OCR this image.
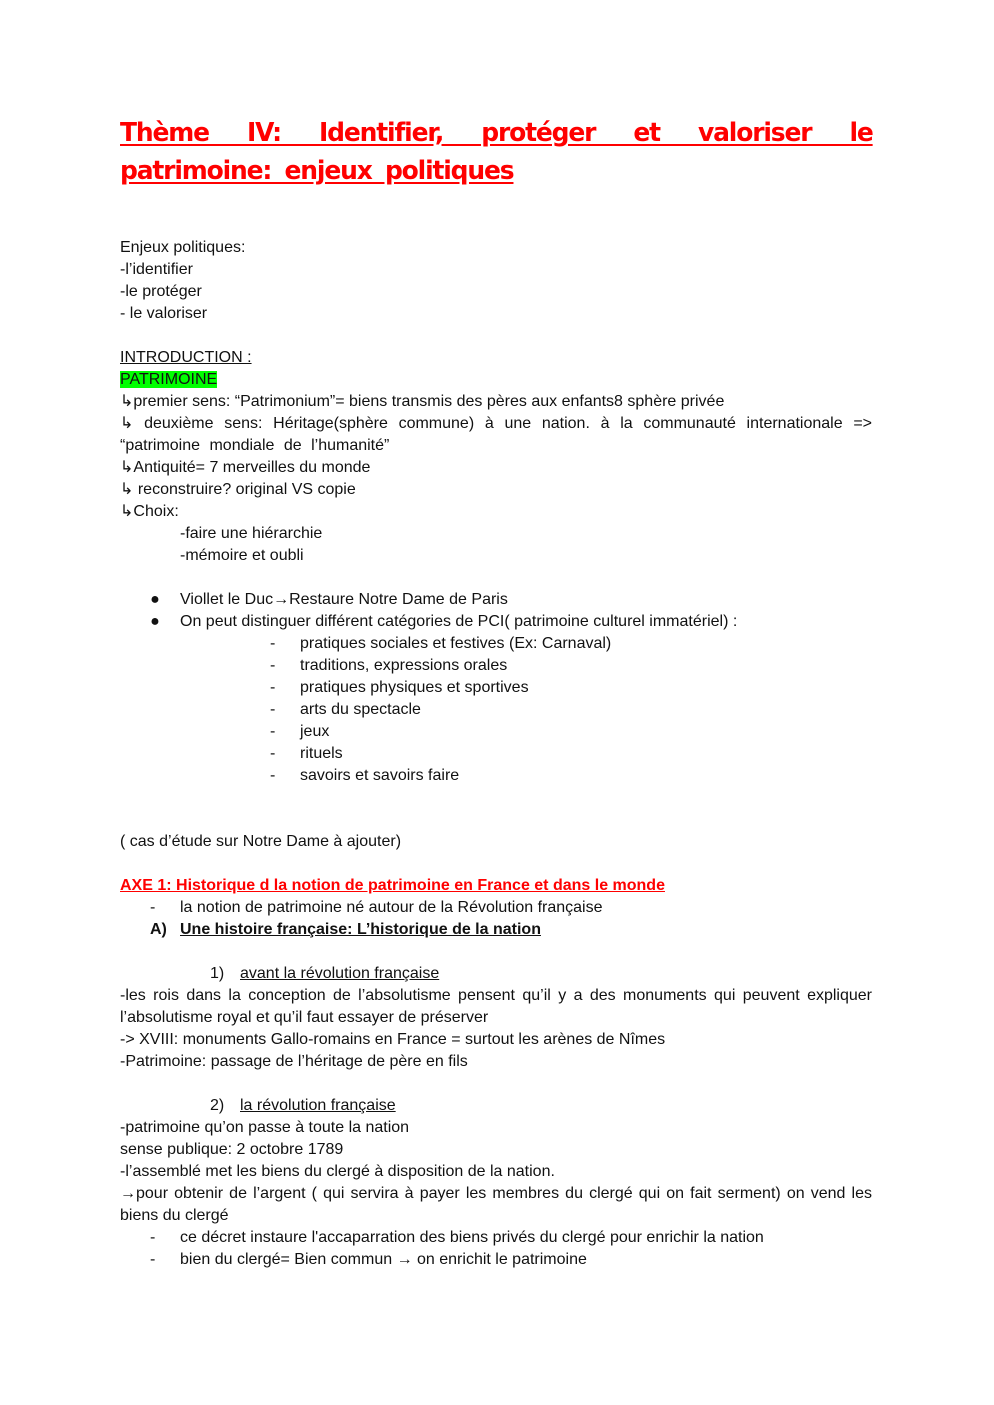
Thème IV: Identifier, protéger et valoriser le patrimoine: enjeux politiques

Enjeux politiques:

-l’identifier

-le protéger

- le valoriser

INTRODUCTION :

PATRIMOINE

↳premier sens: “Patrimonium”= biens transmis des pères aux enfants8 sphère privée

↳ deuxième sens: Héritage(sphère commune) à une nation. à la communauté internationale => “patrimoine mondiale de l’humanité”

↳Antiquité= 7 merveilles du monde

↳ reconstruire? original VS copie

↳Choix:

-faire une hiérarchie

-mémoire et oubli

●	Viollet le Duc→Restaure Notre Dame de Paris
●	On peut distinguer différent catégories de PCI( patrimoine culturel immatériel) :
-	pratiques sociales et festives (Ex: Carnaval)
-	traditions, expressions orales
-	pratiques physiques et sportives
-	arts du spectacle
-	jeux
-	rituels
-	savoirs et savoirs faire

( cas d’étude sur Notre Dame à ajouter)

AXE 1: Historique d la notion de patrimoine en France et dans le monde

-	la notion de patrimoine né autour de la Révolution française
A) Une histoire française: L’historique de la nation
1) avant la révolution française

-les rois dans la conception de l’absolutisme pensent qu’il y a des monuments qui peuvent expliquer l’absolutisme royal et qu’il faut essayer de préserver

-> XVIII: monuments Gallo-romains en France = surtout les arènes de Nîmes

-Patrimoine: passage de l’héritage de père en fils

2) la révolution française

-patrimoine qu’on passe à toute la nation

sense publique: 2 octobre 1789

-l’assemblé met les biens du clergé à disposition de la nation.

→pour obtenir de l’argent ( qui servira à payer les membres du clergé qui on fait serment) on vend les biens du clergé

-	ce décret instaure l'accaparration des biens privés du clergé pour enrichir la nation
-	bien du clergé= Bien commun → on enrichit le patrimoine
